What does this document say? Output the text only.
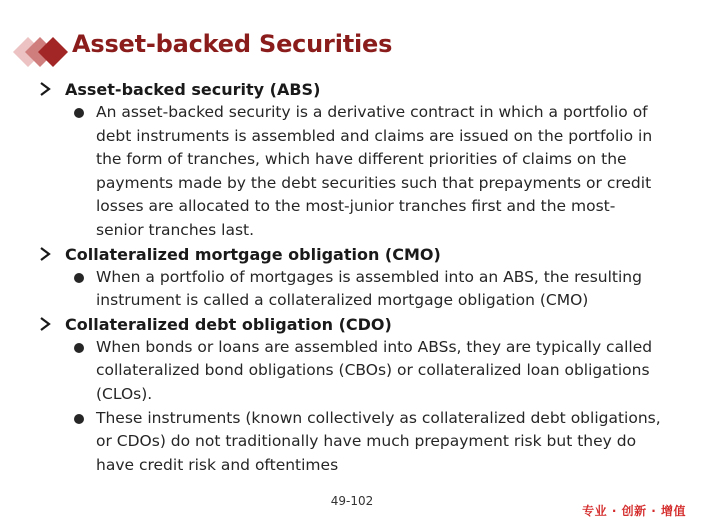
Asset-backed Securities
Asset-backed security (ABS)
An asset-backed security is a derivative contract in which a portfolio of
debt instruments is assembled and claims are issued on the portfolio in
the form of tranches, which have different priorities of claims on the
payments made by the debt securities such that prepayments or credit
losses are allocated to the most-junior tranches first and the most-
senior tranches last.
Collateralized mortgage obligation (CMO)
When a portfolio of mortgages is assembled into an ABS, the resulting
instrument is called a collateralized mortgage obligation (CMO)
Collateralized debt obligation (CDO)
When bonds or loans are assembled into ABSs, they are typically called
collateralized bond obligations (CBOs) or collateralized loan obligations
(CLOs).
These instruments (known collectively as collateralized debt obligations,
or CDOs) do not traditionally have much prepayment risk but they do
have credit risk and oftentimes
49-102
专业 · 创新 · 增值
